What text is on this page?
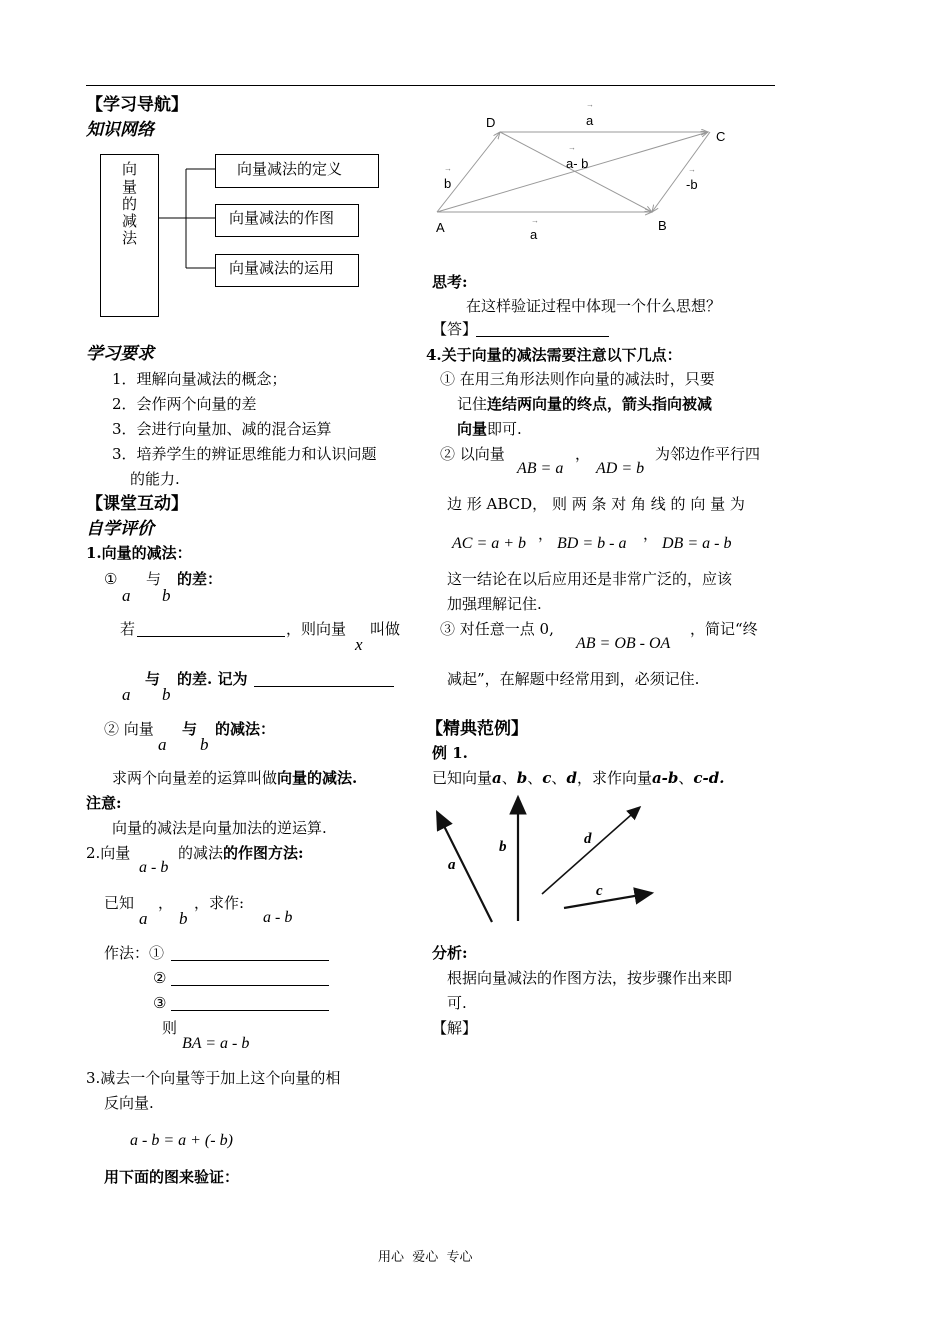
【学习导航】
知识网络
向
量
的
减
法
向量减法的定义
向量减法的作图
向量减法的运用
学习要求
1．理解向量减法的概念；
2．会作两个向量的差
3．会进行向量加、减的混合运算
3．培养学生的辨证思维能力和认识问题
的能力.
【课堂互动】
自学评价
1.向量的减法：
①
a
与
b
的差：
若	，则向量
x
叫做
a
与
b
的差. 记为
② 向量
a
与
b
的减法：
求两个向量差的运算叫做向量的减法.
注意:
向量的减法是向量加法的逆运算.
2.向量
a - b
的减法的作图方法:
已知
a
，
b
，求作:
a - b
作法：①
②
③
则
BA = a - b
3.减去一个向量等于加上这个向量的相
反向量.
a - b = a + (- b)
用下面的图来验证：
D
C
A	B
→
a
→
a- b
→
b
→
-b
→
a
思考:
在这样验证过程中体现一个什么思想？
【答】
4.关于向量的减法需要注意以下几点：
① 在用三角形法则作向量的减法时，只要
记住连结两向量的终点，箭头指向被减
向量即可.
② 以向量
AB = a
，
AD = b
为邻边作平行四
边 形 ABCD， 则 两 条 对 角 线 的 向 量 为
AC = a + b
，
BD = b - a
，
DB = a - b
这一结论在以后应用还是非常广泛的，应该
加强理解记住.
③ 对任意一点 0,
AB = OB - OA
，简记“终
减起”，在解题中经常用到，必须记住.
【精典范例】
例 1.
已知向量a、b、c、d，求作向量a-b、c-d.
a
b	d
c
分析:
根据向量减法的作图方法，按步骤作出来即
可.
【解】
用心  爱心  专心
